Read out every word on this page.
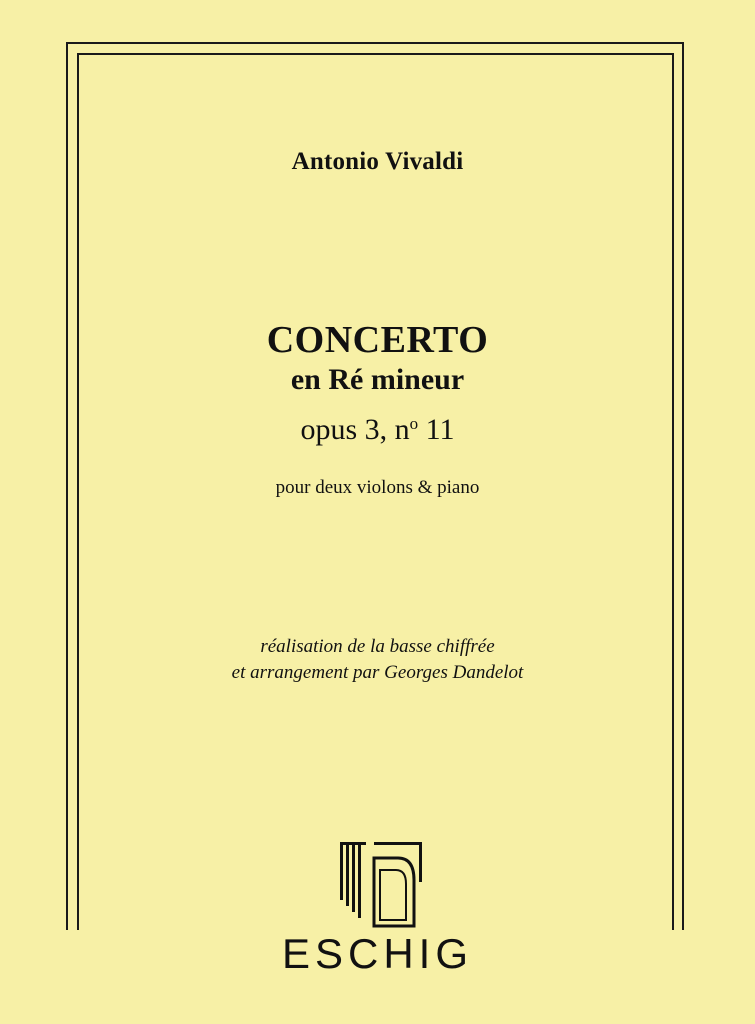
Antonio Vivaldi
CONCERTO
en Ré mineur
opus 3, $n^o$ 11
pour deux violons & piano
réalisation de la basse chiffrée
et arrangement par Georges Dandelot
ESCHIG
